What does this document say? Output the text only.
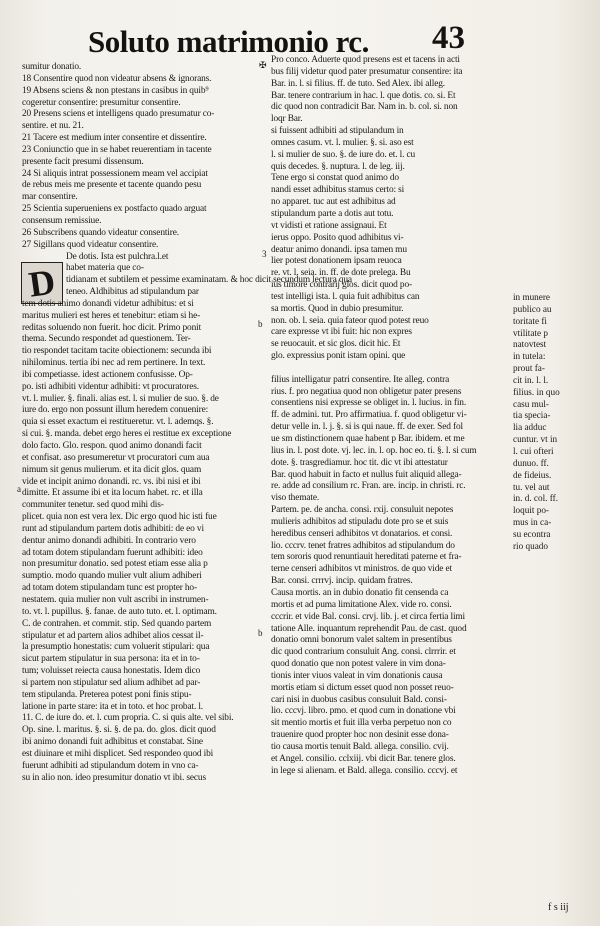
Soluto matrimonio rc. 43
D
sumitur donatio.
18 Consentire quod non videatur absens & ignorans.
19 Absens sciens & non ptestans in casibus in quib⁹
cogeretur consentire: presumitur consentire.
20 Presens sciens et intelligens quado presumatur co-
sentire. et nu. 21.
21 Tacere est medium inter consentire et dissentire.
23 Coniunctio que in se habet reuerentiam in tacente
presente facit presumi dissensum.
24 Si aliquis intrat possessionem meam vel accipiat
de rebus meis me presente et tacente quando pesu
mar consentire.
25 Scientia superueniens ex postfacto quado arguat
consensum remissiue.
26 Subscribens quando videatur consentire.
27 Sigillans quod videatur consentire.
De dotis. Ista est pulchra.l.et
habet materia que co-
tidianam et subtilem et pessime examinatam. & hoc dicit secundum lectura qua
teneo. Aldhibitus ad stipulandum par
tem dotis animo donandi videtur adhibitus: et si
maritus mulieri est heres et tenebitur: etiam si he-
reditas soluendo non fuerit. hoc dicit. Primo ponit
thema. Secundo respondet ad questionem. Ter-
tio respondet tacitam tacite obiectionem: secunda ibi
nihilominus. tertia ibi nec ad rem pertinere. In text.
ibi competiasse. idest actionem confusisse. Op-
po. isti adhibiti videntur adhibiti: vt procuratores.
vt. l. mulier. §. finali. alias est. l. si mulier de suo. §. de
iure do. ergo non possunt illum heredem conuenire:
quia si esset exactum ei restitueretur. vt. l. ademqs. §.
si cui. §. manda. debet ergo heres ei restitue ex exceptione
dolo facto. Glo. respon. quod animo donandi facit
et confisat. aso presumeretur vt procuratori cum aua
nimum sit genus mulierum. et ita dicit glos. quam
vide et incipit animo donandi. rc. vs. ibi nisi et ibi
dimitte. Et assume ibi et ita locum habet. rc. et illa
communiter tenetur. sed quod mihi dis-
plicet. quia non est vera lex. Dic ergo quod hic isti fue
runt ad stipulandum partem dotis adhibiti: de eo vi
dentur animo donandi adhibiti. In contrario vero
ad totam dotem stipulandam fuerunt adhibiti: ideo
non presumitur donatio. sed potest etiam esse alia p
sumptio. modo quando mulier vult alium adhiberi
ad totam dotem stipulandam tunc est propter ho-
nestatem. quia mulier non vult ascribi in instrumen-
to. vt. l. pupillus. §. fanae. de auto tuto. et. l. optimam.
C. de contrahen. et commit. stip. Sed quando partem
stipulatur et ad partem alios adhibet alios cessat il-
la presumptio honestatis: cum voluerit stipulari: qua
sicut partem stipulatur in sua persona: ita et in to-
tum; voluisset reiecta causa honestatis. Idem dico
si partem non stipulatur sed alium adhibet ad par-
tem stipulanda. Preterea potest poni finis stipu-
latione in parte stare: ita et in toto. et hoc probat. l.
11. C. de iure do. et. l. cum propria. C. si quis alte. vel sibi.
Op. sine. l. maritus. §. si. §. de pa. do. glos. dicit quod
ibi animo donandi fuit adhibitus et constabat. Sine
est diuinare et mihi displicet. Sed respondeo quod ibi
fuerunt adhibiti ad stipulandum dotem in vno ca-
su in alio non. ideo presumitur donatio vt ibi. secus
Pro conco. Aduerte quod presens est et tacens in acti
bus filij videtur quod pater presumatur consentire: ita
Bar. in. l. si filius. ff. de tuto. Sed Alex. ibi alleg.
Bar. tenere contrarium in hac. l. que dotis. co. si. Et
dic quod non contradicit Bar. Nam in. b. col. si. non
loqr Bar.
si fuissent adhibiti ad stipulandum in
omnes casum. vt. l. mulier. §. si. aso est
l. si mulier de suo. §. de iure do. et. l. cu
quis decedes. §. nuptura. l. de leg. iij.
Tene ergo si constat quod animo do
nandi esset adhibitus stamus certo: si
no apparet. tuc aut est adhibitus ad
stipulandum parte a dotis aut totu.
vt vidisti et ratione assignaui. Et
ierus oppo. Posito quod adhibitus vi-
deatur animo donandi. ipsa tamen mu
lier potest donationem ipsam reuoca
re. vt. l. seia. in. ff. de dote prelega. Bu
ius timore contrarij glos. dicit quod po-
test intelligi ista. l. quia fuit adhibitus can
sa mortis. Quod in dubio presumitur.
non. ob. l. seia. quia fateor quod potest reuo
care expresse vt ibi fuit: hic non expres
se reuocauit. et sic glos. dicit hic. Et
glo. expressius ponit istam opini. que
filius intelligatur patri consentire. Ite alleg. contra
rius. f. pro negatiua quod non obligetur pater presens
consentiens nisi expresse se obliget in. l. lucius. in fin.
ff. de admini. tut. Pro affirmatiua. f. quod obligetur vi-
detur velle in. l. j. §. si is qui naue. ff. de exer. Sed fol
ue sm distinctionem quae habent p Bar. ibidem. et me
lius in. l. post dote. vj. lec. in. l. op. hoc eo. ti. §. l. si cum
dote. §. trasgrediamur. hoc tit. dic vt ibi attestatur
Bar. quod habuit in facto et nullus fuit aliquid allega-
re. adde ad consilium rc. Fran. are. incip. in christi. rc.
viso themate.
Partem. pe. de ancha. consi. rxij. consuluit nepotes
mulieris adhibitos ad stipuladu dote pro se et suis
heredibus censeri adhibitos vt donatarios. et consi.
lio. cccrv. tenet fratres adhibitos ad stipulandum do
tem sororis quod renuntiauit hereditati paterne et fra-
terne censeri adhibitos vt ministros. de quo vide et
Bar. consi. crrrvj. incip. quidam fratres.
Causa mortis. an in dubio donatio fit censenda ca
mortis et ad puma limitatione Alex. vide ro. consi.
cccrir. et vide Bal. consi. crvj. lib. j. et circa fertia limi
tatione Alle. inquantum reprehendit Pau. de cast. quod
donatio omni bonorum valet saltem in presentibus
dic quod contrarium consuluit Ang. consi. clrrrir. et
quod donatio que non potest valere in vim dona-
tionis inter viuos valeat in vim donationis causa
mortis etiam si dictum esset quod non posset reuo-
cari nisi in duobus casibus consuluit Bald. consi-
lio. cccvj. libro. pmo. et quod cum in donatione vbi
sit mentio mortis et fuit illa verba perpetuo non co
trauenire quod propter hoc non desinit esse dona-
tio causa mortis tenuit Bald. allega. consilio. cvij.
et Angel. consilio. cclxiij. vbi dicit Bar. tenere glos.
in lege si alienam. et Bald. allega. consilio. cccvj. et
in munere
publico au
toritate fi
vtilitate p
natovtest
in tutela:
prout fa-
cit in. l. l.
filius. in quo
casu mul-
tia specia-
lia adduc
cuntur. vt in
l. cui ofteri
dunuo. ff.
de fideius.
tu. vel aut
in. d. col. ff.
loquit po-
mus in ca-
su econtra
rio quado
✠
3
b
a
b
f s iij
